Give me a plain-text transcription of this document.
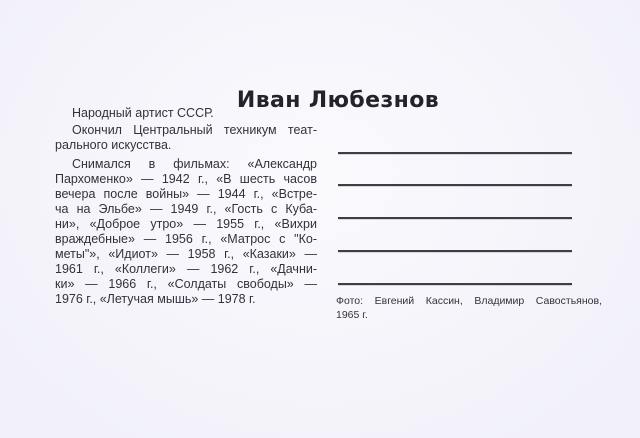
Иван Любезнов
Народный артист СССР.
Окончил Центральный техникум теат-
рального искусства.
Снимался в фильмах: «Александр
Пархоменко» — 1942 г., «В шесть часов
вечера после войны» — 1944 г., «Встре-
ча на Эльбе» — 1949 г., «Гость с Куба-
ни», «Доброе утро» — 1955 г., «Вихри
враждебные» — 1956 г., «Матрос с "Ко-
меты"», «Идиот» — 1958 г., «Казаки» —
1961 г., «Коллеги» — 1962 г., «Дачни-
ки» — 1966 г., «Солдаты свободы» —
1976 г., «Летучая мышь» — 1978 г.	Фото: Евгений Кассин, Владимир Савостьянов,
1965 г.
